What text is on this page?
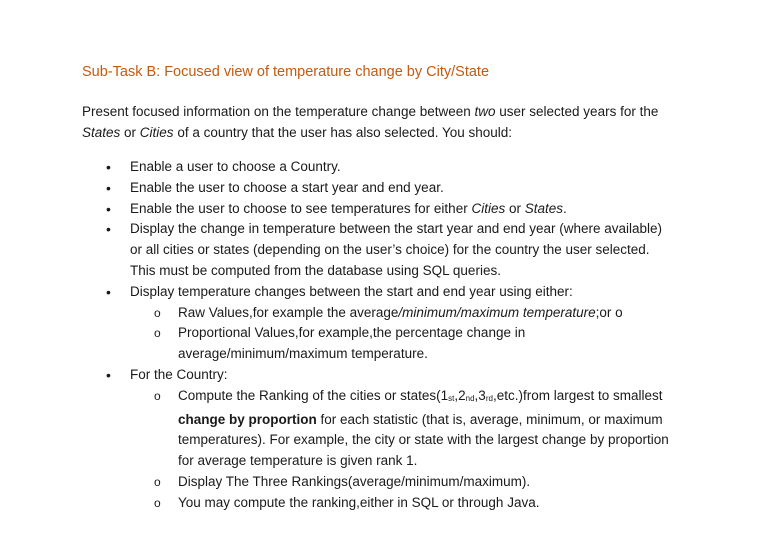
Sub-Task B: Focused view of temperature change by City/State

Present focused information on the temperature change between two user selected years for the

States or Cities of a country that the user has also selected. You should:

• Enable a user to choose a Country.
• Enable the user to choose a start year and end year.
• Enable the user to choose to see temperatures for either Cities or States.
• Display the change in temperature between the start year and end year (where available)
or all cities or states (depending on the user’s choice) for the country the user selected.
This must be computed from the database using SQL queries.
• Display temperature changes between the start and end year using either:
o Raw Values,for example the average/minimum/maximum temperature;or o
o Proportional Values,for example,the percentage change in
average/minimum/maximum temperature.
• For the Country:
o Compute the Ranking of the cities or states(1st,2nd,3rd,etc.)from largest to smallest
change by proportion for each statistic (that is, average, minimum, or maximum
temperatures). For example, the city or state with the largest change by proportion
for average temperature is given rank 1.
o Display The Three Rankings(average/minimum/maximum).
o You may compute the ranking,either in SQL or through Java.
